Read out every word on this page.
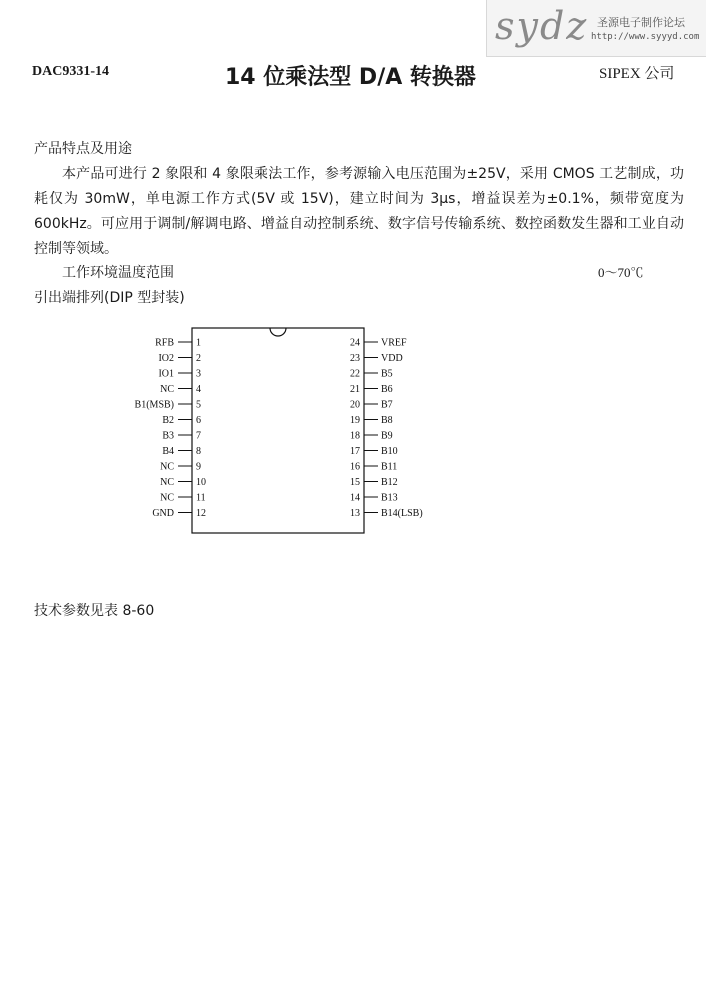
sydz 圣源电子制作论坛
http://www.syyyd.com
DAC9331-14	14 位乘法型 D/A 转换器	SIPEX 公司
产品特点及用途
本产品可进行 2 象限和 4 象限乘法工作，参考源输入电压范围为±25V，采用 CMOS 工艺制成，功耗仅为 30mW，单电源工作方式(5V 或 15V)，建立时间为 3μs，增益误差为±0.1%，频带宽度为 600kHz。可应用于调制/解调电路、增益自动控制系统、数字信号传输系统、数控函数发生器和工业自动控制等领域。
工作环境温度范围	0～70℃
引出端排列(DIP 型封装)
RFB 1
IO2 2
IO1 3
NC 4
B1(MSB) 5
B2 6
B3 7
B4 8
NC 9
NC 10
NC 11
GND 12
24 VREF
23 VDD
22 B5
21 B6
20 B7
19 B8
18 B9
17 B10
16 B11
15 B12
14 B13
13 B14(LSB)
技术参数见表 8-60
